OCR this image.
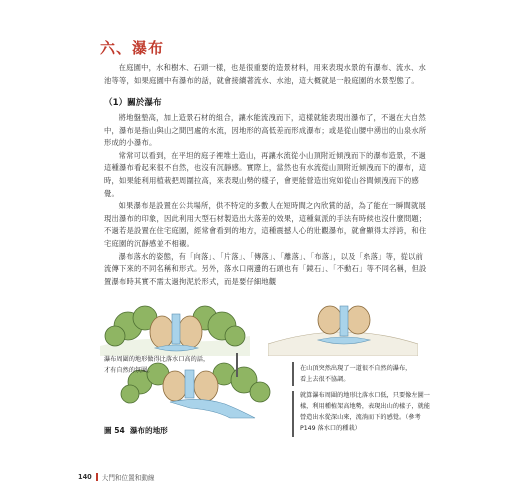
六、瀑布

在庭園中，水和樹木、石頭一樣，也是很重要的造景材料，用來表現水景的有瀑布、流水、水池等等，如果庭園中有瀑布的話，就會接續著流水、水池，這大概就是一般庭園的水景型態了。

（1）關於瀑布

將地盤墊高，加上造景石材的組合，讓水能流洩而下，這樣就能表現出瀑布了，不過在大自然中，瀑布是指山與山之間凹處的水流，因地形的高低差而形成瀑布；或是從山腰中湧出的山泉水所形成的小瀑布。

常常可以看到，在平坦的庭子裡堆土造山，再讓水流從小山頂附近傾洩而下的瀑布造景，不過這種瀑布看起來很不自然，也沒有沉靜感。實際上，當然也有水流從山頂附近傾洩而下的瀑布，這時，如果能利用植栽把周圍拉高，來表現山勢的樣子，會更能營造出宛如從山谷間傾洩而下的感覺。

如果瀑布是設置在公共場所，供不特定的多數人在短時間之內欣賞的話，為了能在一瞬間就展現出瀑布的印象，因此利用大型石材製造出大落差的效果，這種氣派的手法有時候也沒什麼問題；不過若是設置在住宅庭園，經常會看到的地方，這種震撼人心的壯觀瀑布，就會顯得太浮誇，和住宅庭園的沉靜感並不相襯。

瀑布落水的姿態，有「向落」、「片落」、「傳落」、「離落」、「布落」，以及「糸落」等，從以前流傳下來的不同名稱和形式。另外，落水口兩邊的石頭也有「鏡石」、「不動石」等不同名稱，但設置瀑布時其實不需太過拘泥於形式，而是要仔細地觀

瀑布周圍的地形做得比落水口高的話，
才有自然的氛圍。	在山頂突然出現了一道很不自然的瀑布，
看上去很不協調。
就算瀑布周圍的地形比落水口低，只要像左圖一
樣，利用種植架高地勢，表現出山的樣子，就能
營造出水從深山來，流淌而下的感覺。（參考
P149 落水口的種栽）
圖 54 瀑布的地形
140 大門和位置和動線
